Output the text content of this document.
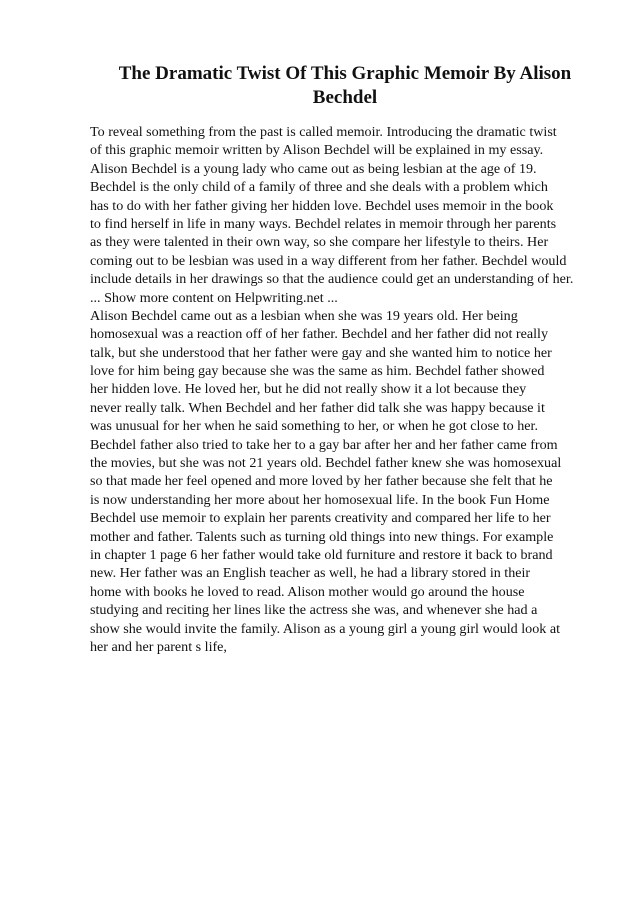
The Dramatic Twist Of This Graphic Memoir By Alison
Bechdel
To reveal something from the past is called memoir. Introducing the dramatic twist
of this graphic memoir written by Alison Bechdel will be explained in my essay.
Alison Bechdel is a young lady who came out as being lesbian at the age of 19.
Bechdel is the only child of a family of three and she deals with a problem which
has to do with her father giving her hidden love. Bechdel uses memoir in the book
to find herself in life in many ways. Bechdel relates in memoir through her parents
as they were talented in their own way, so she compare her lifestyle to theirs. Her
coming out to be lesbian was used in a way different from her father. Bechdel would
include details in her drawings so that the audience could get an understanding of her.
... Show more content on Helpwriting.net ...
Alison Bechdel came out as a lesbian when she was 19 years old. Her being
homosexual was a reaction off of her father. Bechdel and her father did not really
talk, but she understood that her father were gay and she wanted him to notice her
love for him being gay because she was the same as him. Bechdel father showed
her hidden love. He loved her, but he did not really show it a lot because they
never really talk. When Bechdel and her father did talk she was happy because it
was unusual for her when he said something to her, or when he got close to her.
Bechdel father also tried to take her to a gay bar after her and her father came from
the movies, but she was not 21 years old. Bechdel father knew she was homosexual
so that made her feel opened and more loved by her father because she felt that he
is now understanding her more about her homosexual life. In the book Fun Home
Bechdel use memoir to explain her parents creativity and compared her life to her
mother and father. Talents such as turning old things into new things. For example
in chapter 1 page 6 her father would take old furniture and restore it back to brand
new. Her father was an English teacher as well, he had a library stored in their
home with books he loved to read. Alison mother would go around the house
studying and reciting her lines like the actress she was, and whenever she had a
show she would invite the family. Alison as a young girl a young girl would look at
her and her parent s life,
